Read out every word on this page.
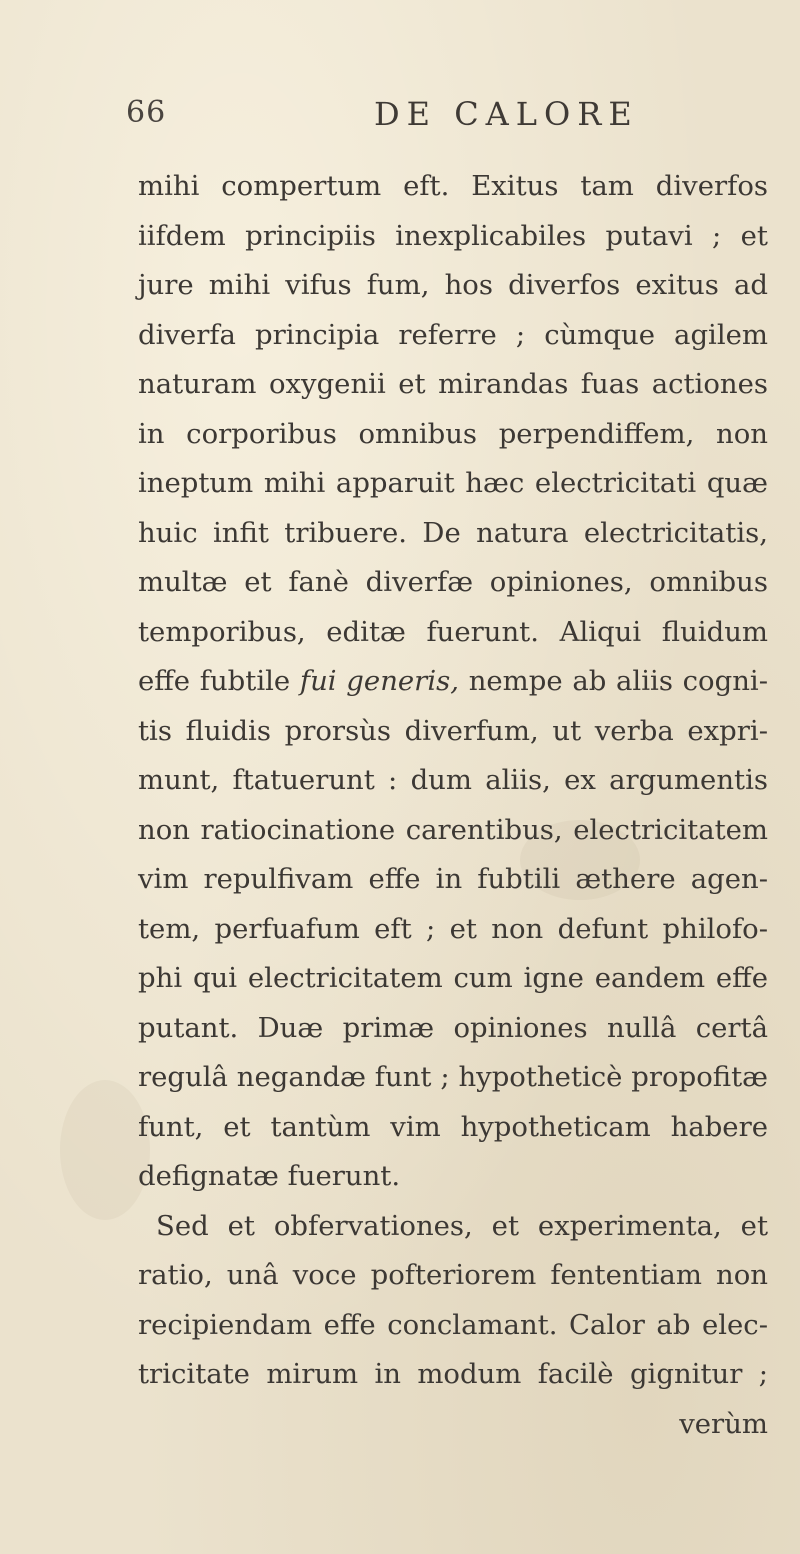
66	DE CALORE
mihi compertum eft. Exitus tam diverfos
iifdem principiis inexplicabiles putavi ; et
jure mihi vifus fum, hos diverfos exitus ad
diverfa principia referre ; cùmque agilem
naturam oxygenii et mirandas fuas actiones
in corporibus omnibus perpendiffem, non
ineptum mihi apparuit hæc electricitati quæ
huic infit tribuere. De natura electricitatis,
multæ et fanè diverfæ opiniones, omnibus
temporibus, editæ fuerunt. Aliqui fluidum
effe fubtile fui generis, nempe ab aliis cogni-
tis fluidis prorsùs diverfum, ut verba expri-
munt, ftatuerunt : dum aliis, ex argumentis
non ratiocinatione carentibus, electricitatem
vim repulfivam effe in fubtili æthere agen-
tem, perfuafum eft ; et non defunt philofo-
phi qui electricitatem cum igne eandem effe
putant. Duæ primæ opiniones nullâ certâ
regulâ negandæ funt ; hypotheticè propofitæ
funt, et tantùm vim hypotheticam habere
defignatæ fuerunt.
Sed et obfervationes, et experimenta, et
ratio, unâ voce pofteriorem fententiam non
recipiendam effe conclamant. Calor ab elec-
tricitate mirum in modum facilè gignitur ;
verùm
